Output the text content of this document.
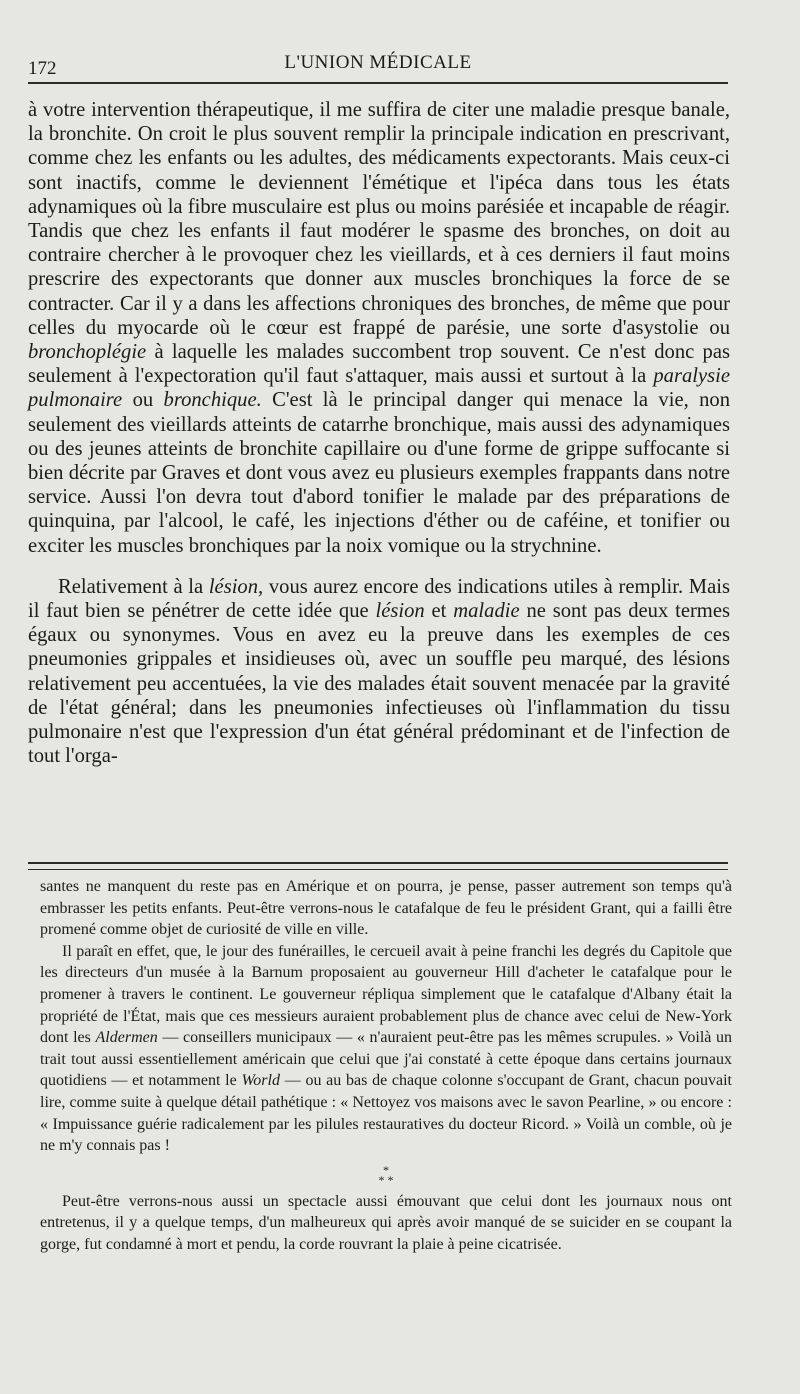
172	L'UNION MÉDICALE

à votre intervention thérapeutique, il me suffira de citer une maladie presque banale, la bronchite. On croit le plus souvent remplir la principale indication en prescrivant, comme chez les enfants ou les adultes, des médicaments expectorants. Mais ceux-ci sont inactifs, comme le deviennent l'émétique et l'ipéca dans tous les états adynamiques où la fibre musculaire est plus ou moins parésiée et incapable de réagir. Tandis que chez les enfants il faut modérer le spasme des bronches, on doit au contraire chercher à le provoquer chez les vieillards, et à ces derniers il faut moins prescrire des expectorants que donner aux muscles bronchiques la force de se contracter. Car il y a dans les affections chroniques des bronches, de même que pour celles du myocarde où le cœur est frappé de parésie, une sorte d'asystolie ou bronchoplégie à laquelle les malades succombent trop souvent. Ce n'est donc pas seulement à l'expectoration qu'il faut s'attaquer, mais aussi et surtout à la paralysie pulmonaire ou bronchique. C'est là le principal danger qui menace la vie, non seulement des vieillards atteints de catarrhe bronchique, mais aussi des adynamiques ou des jeunes atteints de bronchite capillaire ou d'une forme de grippe suffocante si bien décrite par Graves et dont vous avez eu plusieurs exemples frappants dans notre service. Aussi l'on devra tout d'abord tonifier le malade par des préparations de quinquina, par l'alcool, le café, les injections d'éther ou de caféine, et tonifier ou exciter les muscles bronchiques par la noix vomique ou la strychnine.

Relativement à la lésion, vous aurez encore des indications utiles à remplir. Mais il faut bien se pénétrer de cette idée que lésion et maladie ne sont pas deux termes égaux ou synonymes. Vous en avez eu la preuve dans les exemples de ces pneumonies grippales et insidieuses où, avec un souffle peu marqué, des lésions relativement peu accentuées, la vie des malades était souvent menacée par la gravité de l'état général; dans les pneumonies infectieuses où l'inflammation du tissu pulmonaire n'est que l'expression d'un état général prédominant et de l'infection de tout l'orga-

santes ne manquent du reste pas en Amérique et on pourra, je pense, passer autrement son temps qu'à embrasser les petits enfants. Peut-être verrons-nous le catafalque de feu le président Grant, qui a failli être promené comme objet de curiosité de ville en ville.

Il paraît en effet, que, le jour des funérailles, le cercueil avait à peine franchi les degrés du Capitole que les directeurs d'un musée à la Barnum proposaient au gouverneur Hill d'acheter le catafalque pour le promener à travers le continent. Le gouverneur répliqua simplement que le catafalque d'Albany était la propriété de l'État, mais que ces messieurs auraient probablement plus de chance avec celui de New-York dont les Aldermen — conseillers municipaux — « n'auraient peut-être pas les mêmes scrupules. » Voilà un trait tout aussi essentiellement américain que celui que j'ai constaté à cette époque dans certains journaux quotidiens — et notamment le World — ou au bas de chaque colonne s'occupant de Grant, chacun pouvait lire, comme suite à quelque détail pathétique : « Nettoyez vos maisons avec le savon Pearline, » ou encore : « Impuissance guérie radicalement par les pilules restauratives du docteur Ricord. » Voilà un comble, où je ne m'y connais pas !

*
* *

Peut-être verrons-nous aussi un spectacle aussi émouvant que celui dont les journaux nous ont entretenus, il y a quelque temps, d'un malheureux qui après avoir manqué de se suicider en se coupant la gorge, fut condamné à mort et pendu, la corde rouvrant la plaie à peine cicatrisée.
